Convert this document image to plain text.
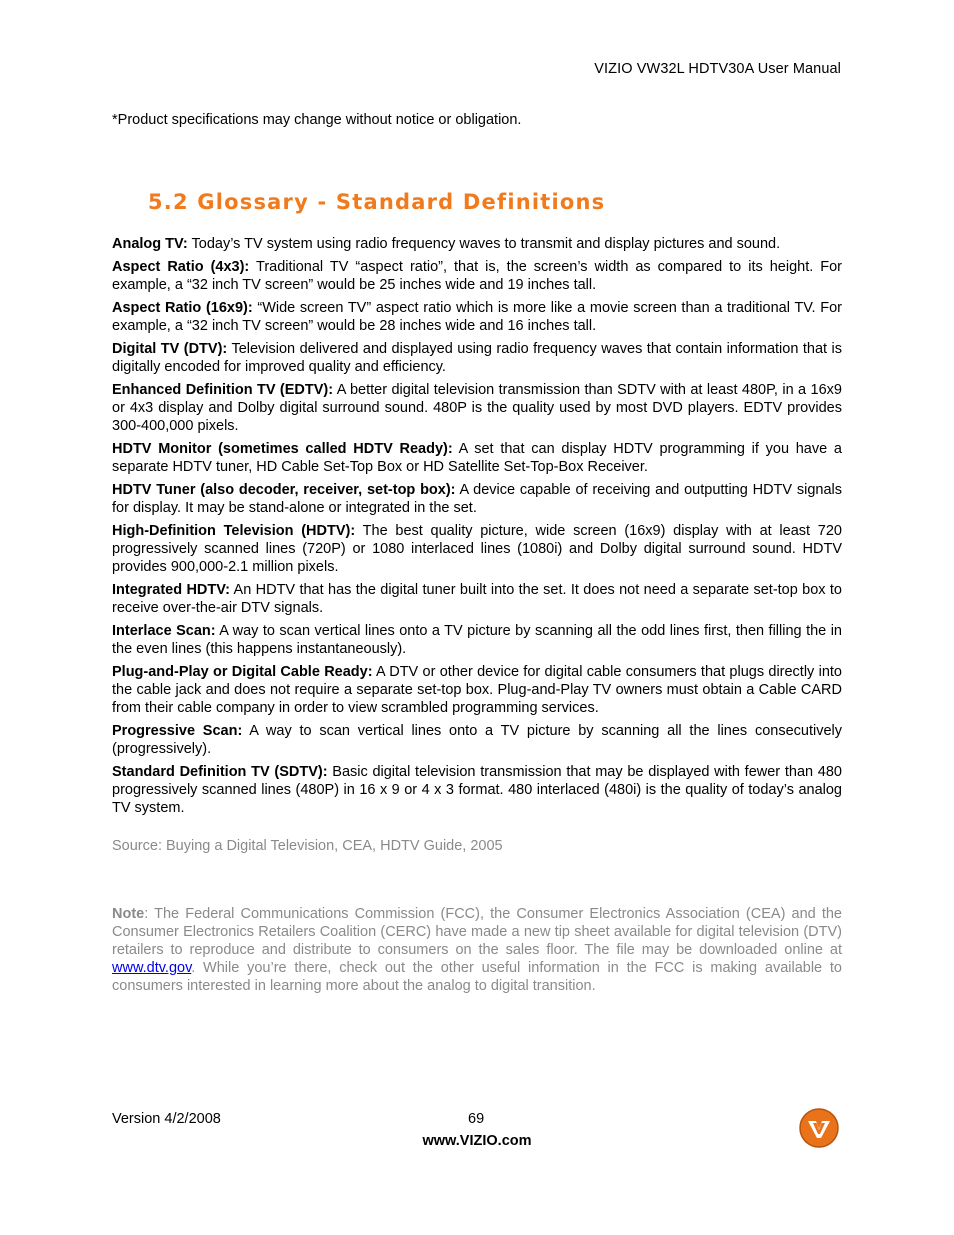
VIZIO VW32L HDTV30A User Manual
*Product specifications may change without notice or obligation.
5.2 Glossary - Standard Definitions

Analog TV: Today’s TV system using radio frequency waves to transmit and display pictures and sound.

Aspect Ratio (4x3): Traditional TV “aspect ratio”, that is, the screen’s width as compared to its height. For example, a “32 inch TV screen” would be 25 inches wide and 19 inches tall.

Aspect Ratio (16x9): “Wide screen TV” aspect ratio which is more like a movie screen than a traditional TV. For example, a “32 inch TV screen” would be 28 inches wide and 16 inches tall.

Digital TV (DTV): Television delivered and displayed using radio frequency waves that contain information that is digitally encoded for improved quality and efficiency.

Enhanced Definition TV (EDTV): A better digital television transmission than SDTV with at least 480P, in a 16x9 or 4x3 display and Dolby digital surround sound. 480P is the quality used by most DVD players. EDTV provides 300-400,000 pixels.

HDTV Monitor (sometimes called HDTV Ready): A set that can display HDTV programming if you have a separate HDTV tuner, HD Cable Set-Top Box or HD Satellite Set-Top-Box Receiver.

HDTV Tuner (also decoder, receiver, set-top box): A device capable of receiving and outputting HDTV signals for display. It may be stand-alone or integrated in the set.

High-Definition Television (HDTV): The best quality picture, wide screen (16x9) display with at least 720 progressively scanned lines (720P) or 1080 interlaced lines (1080i) and Dolby digital surround sound. HDTV provides 900,000-2.1 million pixels.

Integrated HDTV: An HDTV that has the digital tuner built into the set. It does not need a separate set-top box to receive over-the-air DTV signals.

Interlace Scan: A way to scan vertical lines onto a TV picture by scanning all the odd lines first, then filling the in the even lines (this happens instantaneously).

Plug-and-Play or Digital Cable Ready: A DTV or other device for digital cable consumers that plugs directly into the cable jack and does not require a separate set-top box. Plug-and-Play TV owners must obtain a Cable CARD from their cable company in order to view scrambled programming services.

Progressive Scan: A way to scan vertical lines onto a TV picture by scanning all the lines consecutively (progressively).

Standard Definition TV (SDTV): Basic digital television transmission that may be displayed with fewer than 480 progressively scanned lines (480P) in 16 x 9 or 4 x 3 format. 480 interlaced (480i) is the quality of today’s analog TV system.

Source: Buying a Digital Television, CEA, HDTV Guide, 2005
Note: The Federal Communications Commission (FCC), the Consumer Electronics Association (CEA) and the Consumer Electronics Retailers Coalition (CERC) have made a new tip sheet available for digital television (DTV) retailers to reproduce and distribute to consumers on the sales floor. The file may be downloaded online at www.dtv.gov. While you’re there, check out the other useful information in the FCC is making available to consumers interested in learning more about the analog to digital transition.
Version 4/2/2008	69
www.VIZIO.com
